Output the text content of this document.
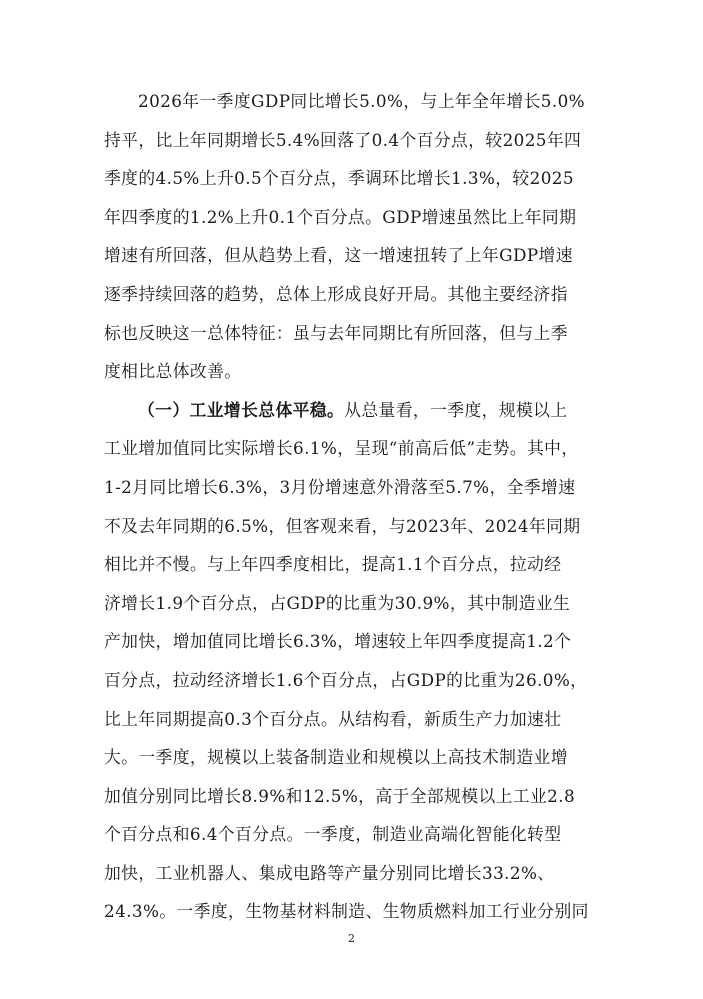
2026年一季度GDP同比增长5.0%，与上年全年增长5.0%
持平，比上年同期增长5.4%回落了0.4个百分点，较2025年四
季度的4.5%上升0.5个百分点，季调环比增长1.3%，较2025
年四季度的1.2%上升0.1个百分点。GDP增速虽然比上年同期
增速有所回落，但从趋势上看，这一增速扭转了上年GDP增速
逐季持续回落的趋势，总体上形成良好开局。其他主要经济指
标也反映这一总体特征：虽与去年同期比有所回落，但与上季
度相比总体改善。
（一）工业增长总体平稳。 从总量看，一季度，规模以上
工业增加值同比实际增长6.1%，呈现“前高后低”走势。其中，
1-2月同比增长6.3%，3月份增速意外滑落至5.7%，全季增速
不及去年同期的6.5%，但客观来看，与2023年、2024年同期
相比并不慢。与上年四季度相比，提高1.1个百分点，拉动经
济增长1.9个百分点，占GDP的比重为30.9%，其中制造业生
产加快，增加值同比增长6.3%，增速较上年四季度提高1.2个
百分点，拉动经济增长1.6个百分点，占GDP的比重为26.0%，
比上年同期提高0.3个百分点。从结构看，新质生产力加速壮
大。一季度，规模以上装备制造业和规模以上高技术制造业增
加值分别同比增长8.9%和12.5%，高于全部规模以上工业2.8
个百分点和6.4个百分点。一季度，制造业高端化智能化转型
加快，工业机器人、集成电路等产量分别同比增长33.2%、
24.3%。一季度，生物基材料制造、生物质燃料加工行业分别同
2
